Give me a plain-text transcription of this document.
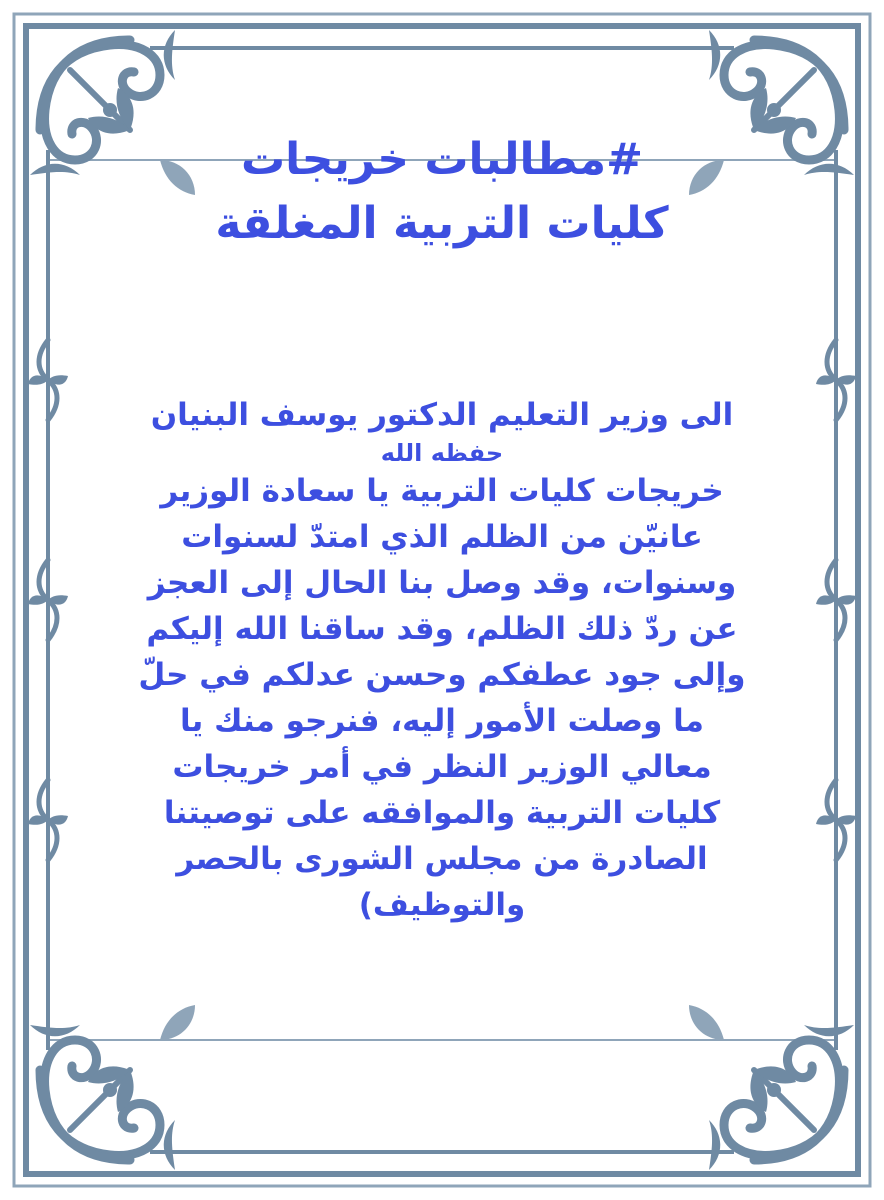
#مطالبات خريجات
كليات التربية المغلقة
الى وزير التعليم الدكتور يوسف البنيان
حفظه الله
خريجات كليات التربية يا سعادة الوزير
عانيّن من الظلم الذي امتدّ لسنوات
وسنوات، وقد وصل بنا الحال إلى العجز
عن ردّ ذلك الظلم، وقد ساقنا الله إليكم
وإلى جود عطفكم وحسن عدلكم في حلّ
ما وصلت الأمور إليه، فنرجو منك يا
معالي الوزير النظر في أمر خريجات
كليات التربية والموافقه على توصيتنا
الصادرة من مجلس الشورى بالحصر
والتوظيف)
